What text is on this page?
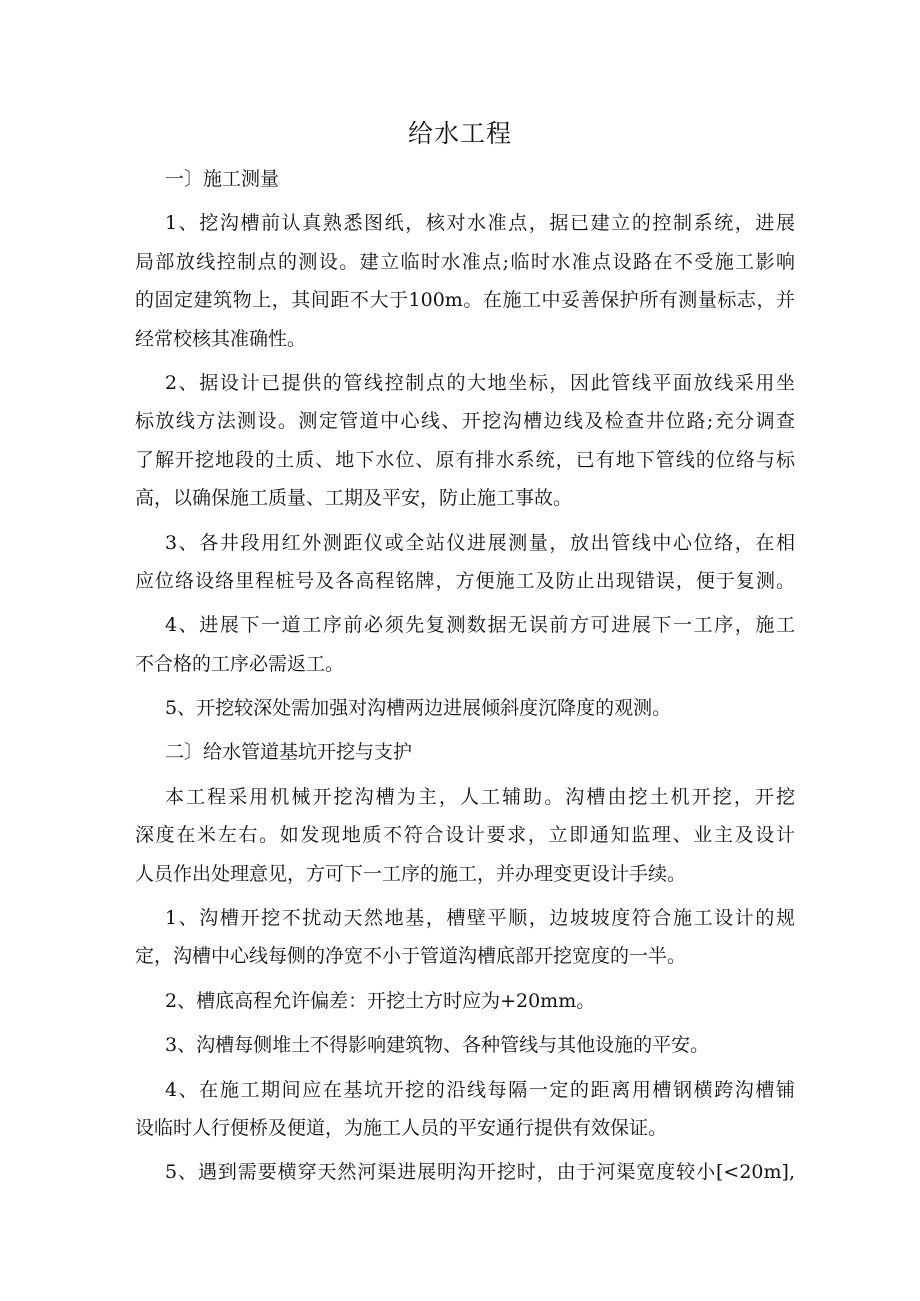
给水工程

一〕施工测量

1、挖沟槽前认真熟悉图纸，核对水准点，据已建立的控制系统，进展

局部放线控制点的测设。建立临时水准点;临时水准点设路在不受施工影响

的固定建筑物上，其间距不大于100m。在施工中妥善保护所有测量标志，并

经常校核其准确性。

2、据设计已提供的管线控制点的大地坐标，因此管线平面放线采用坐

标放线方法测设。测定管道中心线、开挖沟槽边线及检查井位路;充分调查

了解开挖地段的土质、地下水位、原有排水系统，已有地下管线的位络与标

高，以确保施工质量、工期及平安，防止施工事故。

3、各井段用红外测距仪或全站仪进展测量，放出管线中心位络，在相

应位络设络里程桩号及各高程铭牌，方便施工及防止出现错误，便于复测。

4、进展下一道工序前必须先复测数据无误前方可进展下一工序，施工

不合格的工序必需返工。

5、开挖较深处需加强对沟槽两边进展倾斜度沉降度的观测。

二〕给水管道基坑开挖与支护

本工程采用机械开挖沟槽为主，人工辅助。沟槽由挖土机开挖，开挖

深度在米左右。如发现地质不符合设计要求，立即通知监理、业主及设计

人员作出处理意见，方可下一工序的施工，并办理变更设计手续。

1、沟槽开挖不扰动天然地基，槽壁平顺，边坡坡度符合施工设计的规

定，沟槽中心线每侧的净宽不小于管道沟槽底部开挖宽度的一半。

2、槽底高程允许偏差：开挖土方时应为+20mm。

3、沟槽每侧堆土不得影响建筑物、各种管线与其他设施的平安。

4、在施工期间应在基坑开挖的沿线每隔一定的距离用槽钢横跨沟槽铺

设临时人行便桥及便道，为施工人员的平安通行提供有效保证。

5、遇到需要横穿天然河渠进展明沟开挖时，由于河渠宽度较小[<20m],
